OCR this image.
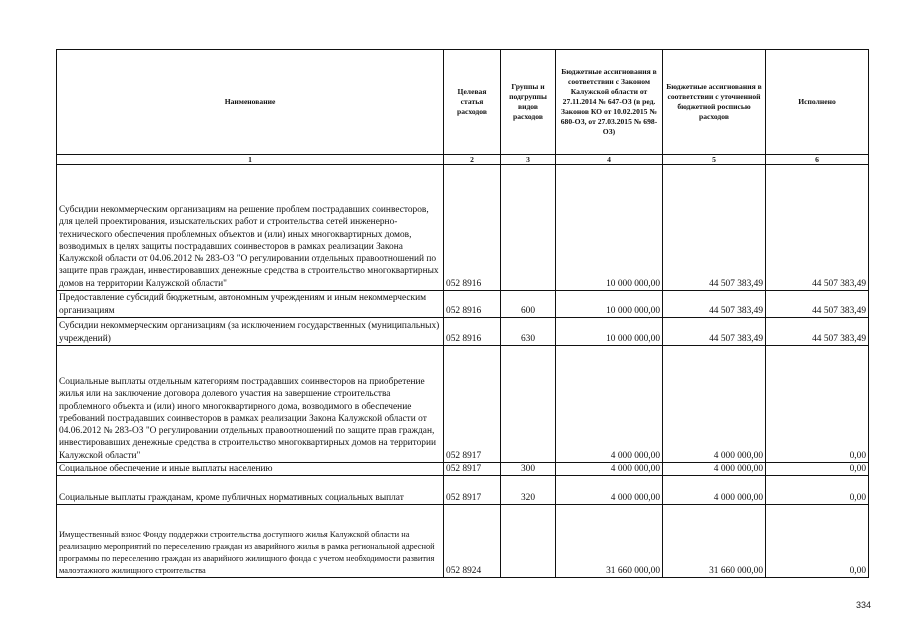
Наименование	Целевая статья расходов	Группы и подгруппы видов расходов	Бюджетные ассигнования в соответствии с Законом Калужской области от 27.11.2014 № 647-ОЗ (в ред. Законов КО от 10.02.2015 № 680-ОЗ, от 27.03.2015 № 698-ОЗ)	Бюджетные ассигнования в соответствии с уточненной бюджетной росписью расходов	Исполнено
1	2	3	4	5	6
Субсидии некоммерческим организациям на решение проблем пострадавших соинвесторов, для целей проектирования, изыскательских работ и строительства сетей инженерно-технического обеспечения проблемных объектов и (или) иных многоквартирных домов, возводимых в целях защиты пострадавших соинвесторов в рамках реализации Закона Калужской области от 04.06.2012 № 283-ОЗ "О регулировании отдельных правоотношений по защите прав граждан, инвестировавших денежные средства в строительство многоквартирных домов на территории Калужской области"	052 8916		10 000 000,00	44 507 383,49	44 507 383,49
Предоставление субсидий бюджетным, автономным учреждениям и иным некоммерческим организациям	052 8916	600	10 000 000,00	44 507 383,49	44 507 383,49
Субсидии некоммерческим организациям (за исключением государственных (муниципальных) учреждений)	052 8916	630	10 000 000,00	44 507 383,49	44 507 383,49
Социальные выплаты отдельным категориям пострадавших соинвесторов на приобретение жилья или на заключение договора долевого участия на завершение строительства проблемного объекта и (или) иного многоквартирного дома, возводимого в обеспечение требований пострадавших соинвесторов в рамках реализации Закона Калужской области от 04.06.2012 № 283-ОЗ "О регулировании отдельных правоотношений по защите прав граждан, инвестировавших денежные средства в строительство многоквартирных домов на территории Калужской области"	052 8917		4 000 000,00	4 000 000,00	0,00
Социальное обеспечение и иные выплаты населению	052 8917	300	4 000 000,00	4 000 000,00	0,00
Социальные выплаты гражданам, кроме публичных нормативных социальных выплат	052 8917	320	4 000 000,00	4 000 000,00	0,00
Имущественный взнос Фонду поддержки строительства доступного жилья Калужской области на реализацию мероприятий по переселению граждан из аварийного жилья в рамка региональной адресной программы по переселению граждан из аварийного жилищного фонда с учетом необходимости развития малоэтажного жилищного строительства	052 8924		31 660 000,00	31 660 000,00	0,00
334
